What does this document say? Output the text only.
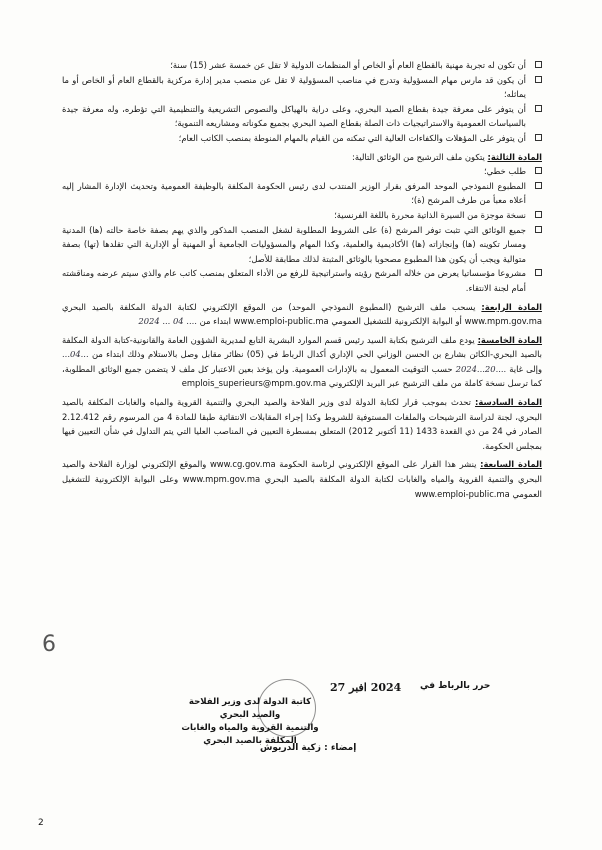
أن تكون له تجربة مهنية بالقطاع العام أو الخاص أو المنظمات الدولية لا تقل عن خمسة عشر (15) سنة؛
أن يكون قد مارس مهام المسؤولية وتدرج في مناصب المسؤولية لا تقل عن منصب مدير إدارة مركزية بالقطاع العام أو الخاص أو ما يماثله؛
أن يتوفر على معرفة جيدة بقطاع الصيد البحري، وعلى دراية بالهياكل والنصوص التشريعية والتنظيمية التي تؤطره، وله معرفة جيدة بالسياسات العمومية والاستراتيجيات ذات الصلة بقطاع الصيد البحري بجميع مكوناته ومشاريعه التنموية؛
أن يتوفر على المؤهلات والكفاءات العالية التي تمكنه من القيام بالمهام المنوطة بمنصب الكاتب العام؛
المادة الثالثة: يتكون ملف الترشيح من الوثائق التالية:
طلب خطي؛
المطبوع النموذجي الموحد المرفق بقرار الوزير المنتدب لدى رئيس الحكومة المكلفة بالوظيفة العمومية وتحديث الإدارة المشار إليه أعلاه معبأ من طرف المرشح (ة)؛
نسخة موجزة من السيرة الذاتية محررة باللغة الفرنسية؛
جميع الوثائق التي تثبت توفر المرشح (ة) على الشروط المطلوبة لشغل المنصب المذكور والذي يهم بصفة خاصة حالته (ها) المدنية ومسار تكوينه (ها) وإنجازاته (ها) الأكاديمية والعلمية، وكذا المهام والمسؤوليات الجامعية أو المهنية أو الإدارية التي تقلدها (تها) بصفة متوالية ويجب أن يكون هذا المطبوع مصحوبا بالوثائق المثبتة لذلك مطابقة للأصل؛
مشروعا مؤسساتيا يعرض من خلاله المرشح رؤيته واستراتيجية للرفع من الأداء المتعلق بمنصب كاتب عام والذي سيتم عرضه ومناقشته أمام لجنة الانتقاء.
المادة الرابعة: يسحب ملف الترشيح (المطبوع النموذجي الموحد) من الموقع الإلكتروني لكتابة الدولة المكلفة بالصيد البحري www.mpm.gov.ma أو البوابة الإلكترونية للتشغيل العمومي www.emploi-public.ma ابتداء من 2024 ... 04 ....
المادة الخامسة: يودع ملف الترشيح بكتابة السيد رئيس قسم الموارد البشرية التابع لمديرية الشؤون العامة والقانونية-كتابة الدولة المكلفة بالصيد البحري-الكائن بشارع بن الحسن الوزاني الحي الإداري أكدال الرباط في (05) نظائر مقابل وصل بالاستلام وذلك ابتداء من ...04... وإلى غاية 2024...20.... حسب التوقيت المعمول به بالإدارات العمومية. ولن يؤخذ بعين الاعتبار كل ملف لا يتضمن جميع الوثائق المطلوبة، كما ترسل نسخة كاملة من ملف الترشيح عبر البريد الإلكتروني emplois_superieurs@mpm.gov.ma
المادة السادسة: تحدث بموجب قرار لكتابة الدولة لدى وزير الفلاحة والصيد البحري والتنمية القروية والمياه والغابات المكلفة بالصيد البحري، لجنة لدراسة الترشيحات والملفات المستوفية للشروط وكذا إجراء المقابلات الانتقائية طبقا للمادة 4 من المرسوم رقم 2.12.412 الصادر في 24 من ذي القعدة 1433 (11 أكتوبر 2012) المتعلق بمسطرة التعيين في المناصب العليا التي يتم التداول في شأن التعيين فيها بمجلس الحكومة.
المادة السابعة: ينشر هذا القرار على الموقع الإلكتروني لرئاسة الحكومة www.cg.gov.ma والموقع الإلكتروني لوزارة الفلاحة والصيد البحري والتنمية القروية والمياه والغابات لكتابة الدولة المكلفة بالصيد البحري www.mpm.gov.ma وعلى البوابة الإلكترونية للتشغيل العمومي www.emploi-public.ma
6
حرر بالرباط في
2024 افبر 27
كاتبة الدولة لدى وزير الفلاحة والصيد البحري
والتنمية القروية والمياه والغابات
المكلفة بالصيد البحري
إمضاء : زكية الدريوش
2
